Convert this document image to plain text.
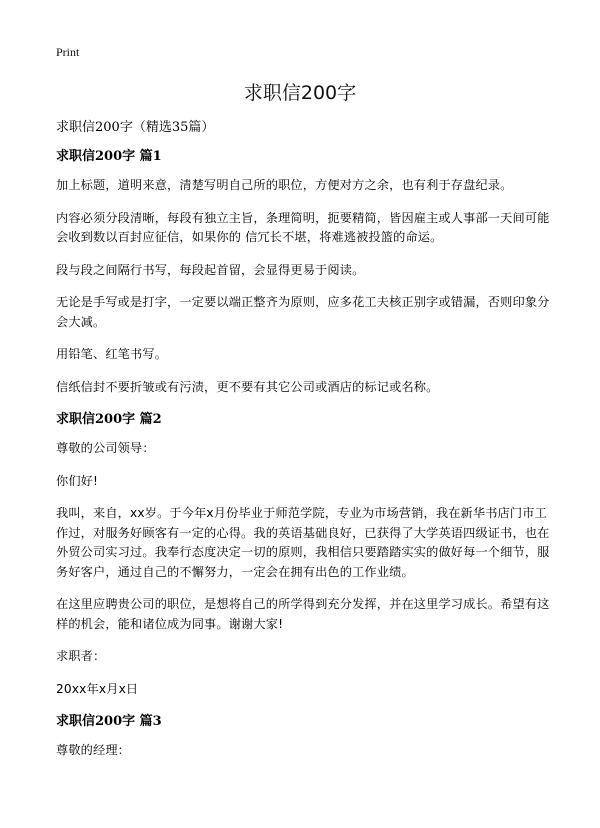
Print
求职信200字

求职信200字（精选35篇）

求职信200字 篇1

加上标题，道明来意，清楚写明自己所的职位，方便对方之余，也有利于存盘纪录。

内容必须分段清晰，每段有独立主旨，条理简明，扼要精简，皆因雇主或人事部一天间可能会收到数以百封应征信，如果你的 信冗长不堪，将难逃被投篮的命运。

段与段之间隔行书写，每段起首留，会显得更易于阅读。

无论是手写或是打字，一定要以端正整齐为原则，应多花工夫核正别字或错漏，否则印象分会大减。

用铅笔、红笔书写。

信纸信封不要折皱或有污渍，更不要有其它公司或酒店的标记或名称。

求职信200字 篇2

尊敬的公司领导：

你们好!

我叫，来自，xx岁。于今年x月份毕业于师范学院，专业为市场营销，我在新华书店门市工作过，对服务好顾客有一定的心得。我的英语基础良好，已获得了大学英语四级证书，也在外贸公司实习过。我奉行态度决定一切的原则，我相信只要踏踏实实的做好每一个细节，服务好客户，通过自己的不懈努力，一定会在拥有出色的工作业绩。

在这里应聘贵公司的职位，是想将自己的所学得到充分发挥，并在这里学习成长。希望有这样的机会，能和诸位成为同事。谢谢大家!

求职者：

20xx年x月x日

求职信200字 篇3

尊敬的经理：
